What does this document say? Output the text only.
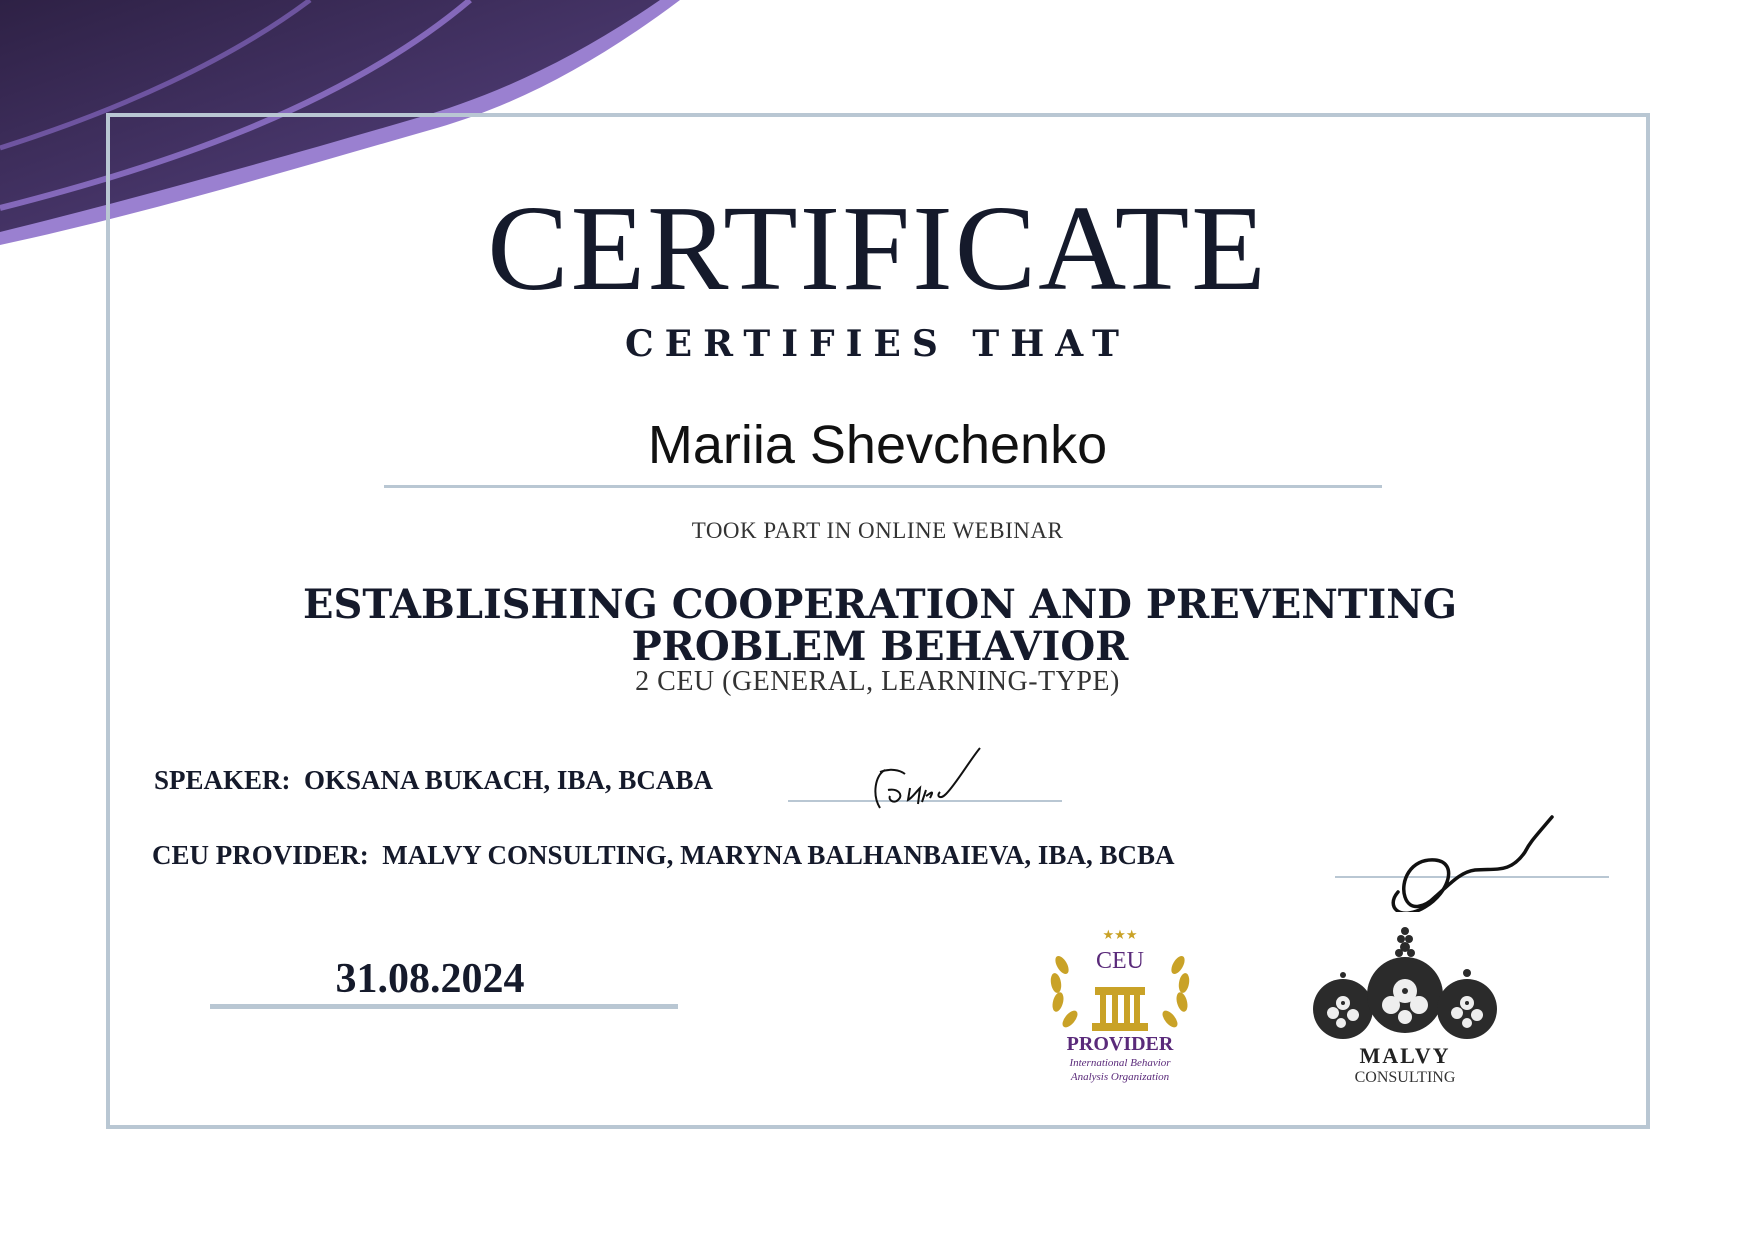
CERTIFICATE
CERTIFIES THAT
Mariia Shevchenko
TOOK PART IN ONLINE WEBINAR
ESTABLISHING COOPERATION AND PREVENTING PROBLEM BEHAVIOR
2 CEU (GENERAL, LEARNING-TYPE)
SPEAKER: OKSANA BUKACH, IBA, BCABA
CEU PROVIDER: MALVY CONSULTING, MARYNA BALHANBAIEVA, IBA, BCBA
31.08.2024
★★★
CEU
PROVIDER
International Behavior
Analysis Organization
MALVY
CONSULTING
